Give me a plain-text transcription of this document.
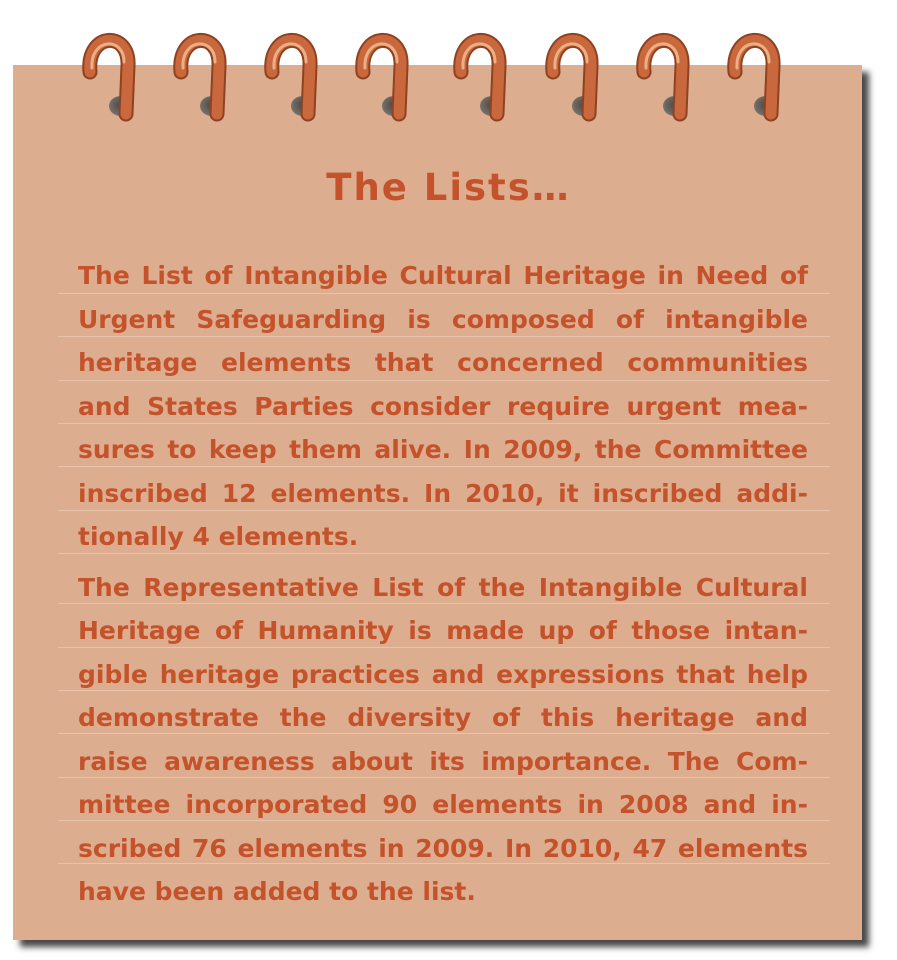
The Lists…

The List of Intangible Cultural Heritage in Need of Urgent Safeguarding is composed of intangible heritage elements that concerned communities and States Parties consider require urgent measures to keep them alive. In 2009, the Committee inscribed 12 elements. In 2010, it inscribed additionally 4 elements.

The Representative List of the Intangible Cultural Heritage of Humanity is made up of those intangible heritage practices and expressions that help demonstrate the diversity of this heritage and raise awareness about its importance. The Committee incorporated 90 elements in 2008 and inscribed 76 elements in 2009. In 2010, 47 elements have been added to the list.
